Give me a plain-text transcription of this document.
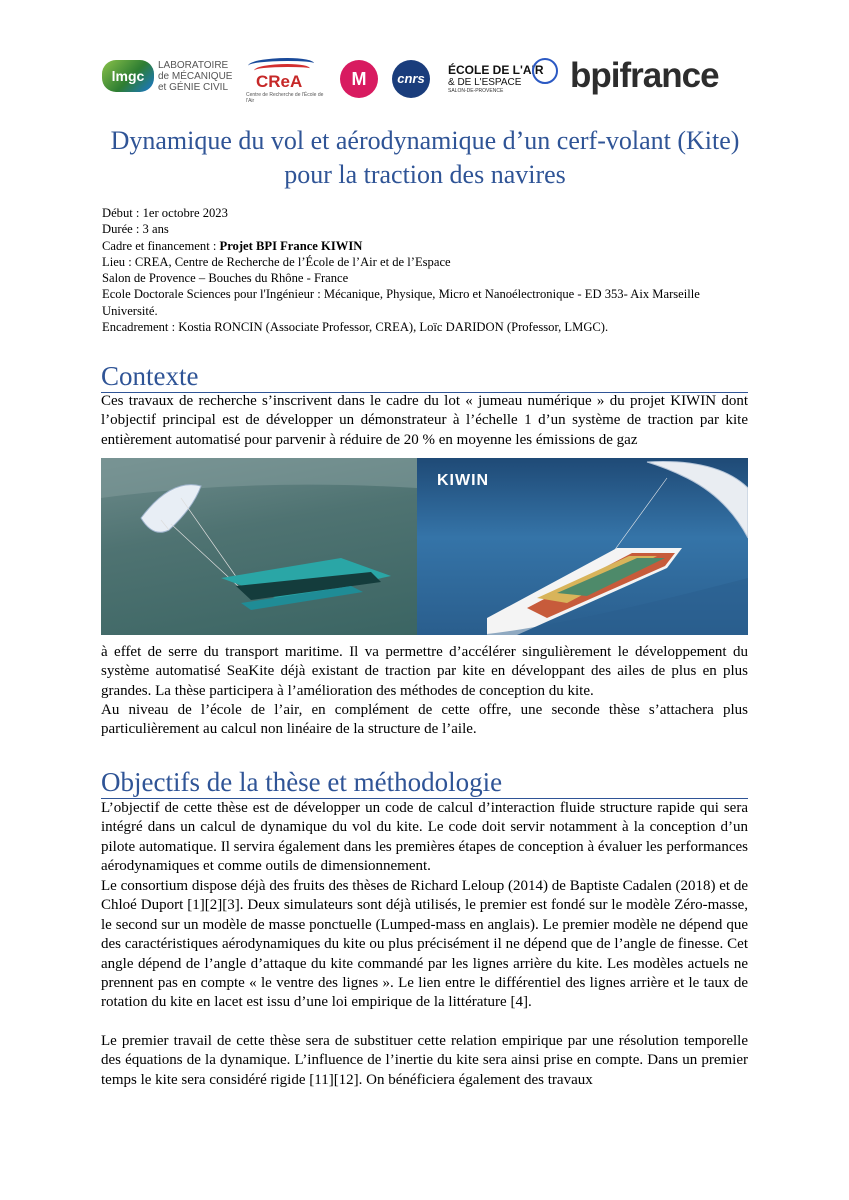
lmgc
LABORATOIRE
de MÉCANIQUE
et GÉNIE CIVIL	CReA
Centre de Recherche de l'École de l'Air
M	cnrs
ÉCOLE DE L'AIR
& DE L'ESPACE
SALON-DE-PROVENCE	bpifrance
Dynamique du vol et aérodynamique d’un cerf-volant (Kite) pour la traction des navires
Début : 1er octobre 2023
Durée : 3 ans
Cadre et financement : Projet BPI France KIWIN
Lieu : CREA, Centre de Recherche de l’École de l’Air et de l’Espace
Salon de Provence – Bouches du Rhône - France
Ecole Doctorale Sciences pour l'Ingénieur : Mécanique, Physique, Micro et Nanoélectronique - ED 353- Aix Marseille Université.
Encadrement : Kostia RONCIN (Associate Professor, CREA), Loïc DARIDON (Professor, LMGC).
Contexte

Ces travaux de recherche s’inscrivent dans le cadre du lot « jumeau numérique » du projet KIWIN dont l’objectif principal est de développer un démonstrateur à l’échelle 1 d’un système de traction par kite entièrement automatisé pour parvenir à réduire de 20 % en moyenne les émissions de gaz

KIWIN

à effet de serre du transport maritime. Il va permettre d’accélérer singulièrement le développement du système automatisé SeaKite déjà existant de traction par kite en développant des ailes de plus en plus grandes. La thèse participera à l’amélioration des méthodes de conception du kite.

Au niveau de l’école de l’air, en complément de cette offre, une seconde thèse s’attachera plus particulièrement au calcul non linéaire de la structure de l’aile.

Objectifs de la thèse et méthodologie

L’objectif de cette thèse est de développer un code de calcul d’interaction fluide structure rapide qui sera intégré dans un calcul de dynamique du vol du kite. Le code doit servir notamment à la conception d’un pilote automatique. Il servira également dans les premières étapes de conception à évaluer les performances aérodynamiques et comme outils de dimensionnement.

Le consortium dispose déjà des fruits des thèses de Richard Leloup (2014) de Baptiste Cadalen (2018) et de Chloé Duport [1][2][3]. Deux simulateurs sont déjà utilisés, le premier est fondé sur le modèle Zéro-masse, le second sur un modèle de masse ponctuelle (Lumped-mass en anglais). Le premier modèle ne dépend que des caractéristiques aérodynamiques du kite ou plus précisément il ne dépend que de l’angle de finesse. Cet angle dépend de l’angle d’attaque du kite commandé par les lignes arrière du kite. Les modèles actuels ne prennent pas en compte « le ventre des lignes ». Le lien entre le différentiel des lignes arrière et le taux de rotation du kite en lacet est issu d’une loi empirique de la littérature [4].

Le premier travail de cette thèse sera de substituer cette relation empirique par une résolution temporelle des équations de la dynamique. L’influence de l’inertie du kite sera ainsi prise en compte. Dans un premier temps le kite sera considéré rigide [11][12]. On bénéficiera également des travaux
